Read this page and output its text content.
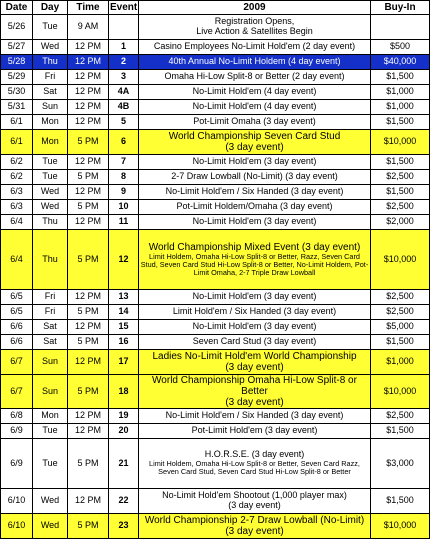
Date	Day	Time	Event	2009	Buy-In
5/26	Tue	9 AM		Registration Opens,
Live Action & Satellites Begin	

5/27	Wed	12 PM	1	Casino Employees No-Limit Hold'em (2 day event)	$500
5/28	Thu	12 PM	2	40th Annual No-Limit Holdem (4 day event)	$40,000
5/29	Fri	12 PM	3	Omaha Hi-Low Split-8 or Better (2 day event)	$1,500
5/30	Sat	12 PM	4A	No-Limit Hold'em (4 day event)	$1,000
5/31	Sun	12 PM	4B	No-Limit Hold'em (4 day event)	$1,000
6/1	Mon	12 PM	5	Pot-Limit Omaha (3 day event)	$1,500
6/1	Mon	5 PM	6	World Championship Seven Card Stud
(3 day event)	$10,000
6/2	Tue	12 PM	7	No-Limit Hold'em (3 day event)	$1,500
6/2	Tue	5 PM	8	2-7 Draw Lowball (No-Limit) (3 day event)	$2,500
6/3	Wed	12 PM	9	No-Limit Hold'em / Six Handed (3 day event)	$1,500
6/3	Wed	5 PM	10	Pot-Limit Holdem/Omaha (3 day event)	$2,500
6/4	Thu	12 PM	11	No-Limit Hold'em (3 day event)	$2,000
6/4	Thu	5 PM	12	World Championship Mixed Event (3 day event)
Limit Holdem, Omaha Hi-Low Split-8 or Better, Razz, Seven Card Stud, Seven Card Stud Hi-Low Split-8 or Better, No-Limit Holdem, Pot-Limit Omaha, 2-7 Triple Draw Lowball	$10,000
6/5	Fri	12 PM	13	No-Limit Hold'em (3 day event)	$2,500
6/5	Fri	5 PM	14	Limit Hold'em / Six Handed (3 day event)	$2,500
6/6	Sat	12 PM	15	No-Limit Hold'em (3 day event)	$5,000
6/6	Sat	5 PM	16	Seven Card Stud (3 day event)	$1,500
6/7	Sun	12 PM	17	Ladies No-Limit Hold'em World Championship
(3 day event)	$1,000
6/7	Sun	5 PM	18	World Championship Omaha Hi-Low Split-8 or Better
(3 day event)	$10,000
6/8	Mon	12 PM	19	No-Limit Hold'em / Six Handed (3 day event)	$2,500
6/9	Tue	12 PM	20	Pot-Limit Hold'em (3 day event)	$1,500
6/9	Tue	5 PM	21	H.O.R.S.E. (3 day event)
Limit Holdem, Omaha Hi-Low Split-8 or Better, Seven Card Razz, Seven Card Stud, Seven Card Stud Hi-Low Split-8 or Better	$3,000
6/10	Wed	12 PM	22	No-Limit Hold'em Shootout (1,000 player max)
(3 day event)	$1,500
6/10	Wed	5 PM	23	World Championship 2-7 Draw Lowball (No-Limit)
(3 day event)	$10,000
